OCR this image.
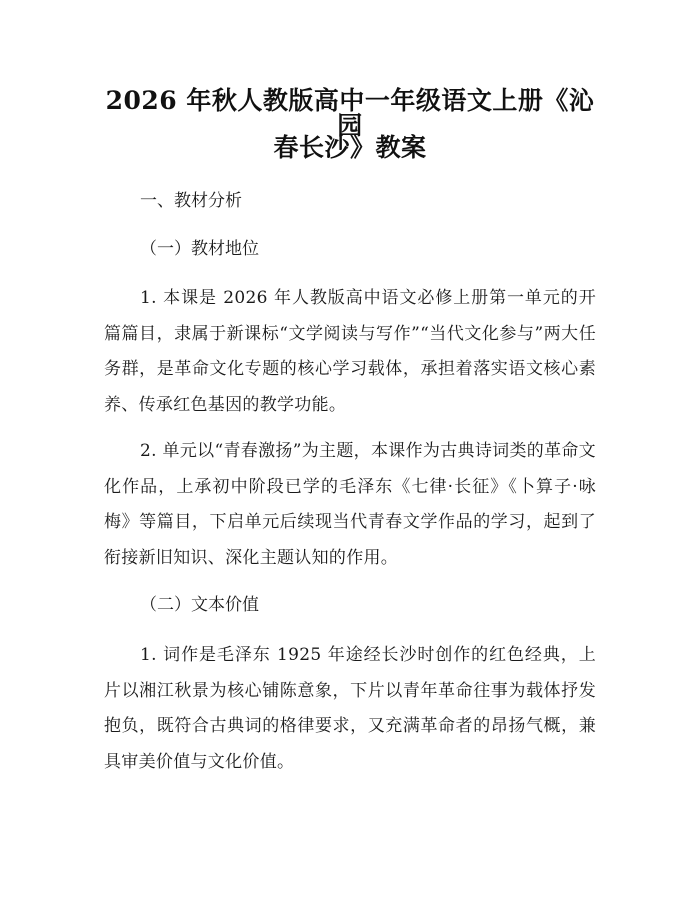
2026 年秋人教版高中一年级语文上册《沁园
春长沙》教案
一、教材分析
（一）教材地位

1. 本课是 2026 年人教版高中语文必修上册第一单元的开篇篇目，隶属于新课标“文学阅读与写作”“当代文化参与”两大任务群，是革命文化专题的核心学习载体，承担着落实语文核心素养、传承红色基因的教学功能。

2. 单元以“青春激扬”为主题，本课作为古典诗词类的革命文化作品，上承初中阶段已学的毛泽东《七律·长征》《卜算子·咏梅》等篇目，下启单元后续现当代青春文学作品的学习，起到了衔接新旧知识、深化主题认知的作用。

（二）文本价值

1. 词作是毛泽东 1925 年途经长沙时创作的红色经典，上片以湘江秋景为核心铺陈意象，下片以青年革命往事为载体抒发抱负，既符合古典词的格律要求，又充满革命者的昂扬气概，兼具审美价值与文化价值。
